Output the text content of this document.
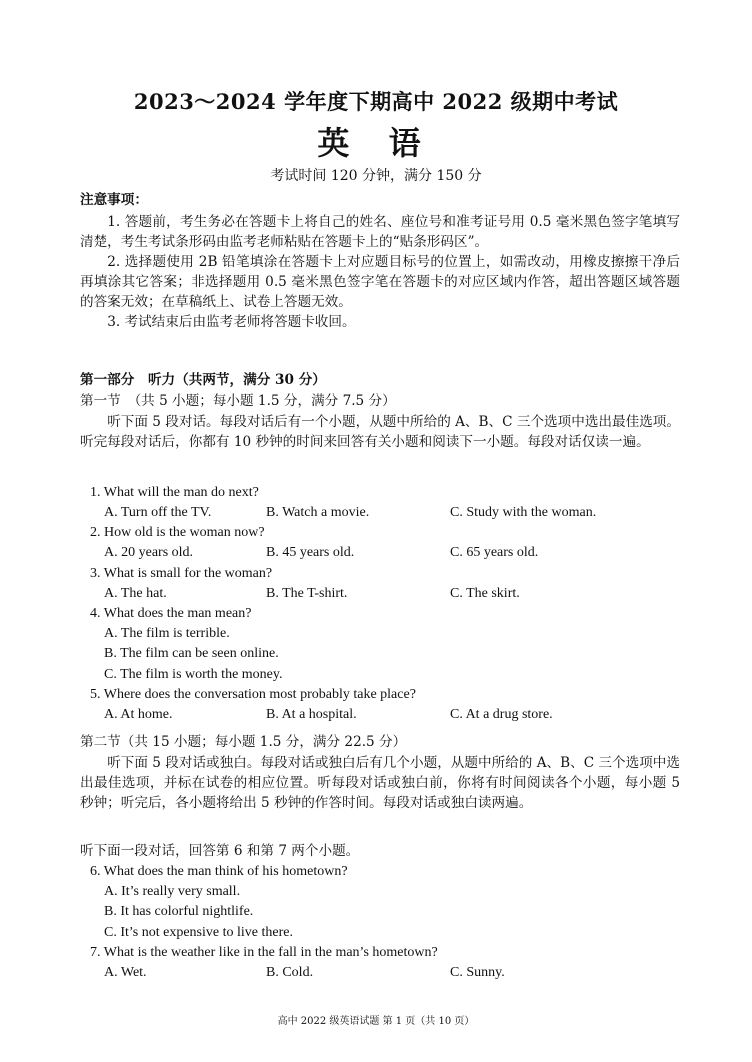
2023～2024 学年度下期高中 2022 级期中考试
英 语
考试时间 120 分钟，满分 150 分
注意事项：

1. 答题前，考生务必在答题卡上将自己的姓名、座位号和准考证号用 0.5 毫米黑色签字笔填写清楚，考生考试条形码由监考老师粘贴在答题卡上的“贴条形码区”。

2. 选择题使用 2B 铅笔填涂在答题卡上对应题目标号的位置上，如需改动，用橡皮擦擦干净后再填涂其它答案；非选择题用 0.5 毫米黑色签字笔在答题卡的对应区域内作答，超出答题区域答题的答案无效；在草稿纸上、试卷上答题无效。

3. 考试结束后由监考老师将答题卡收回。

第一部分　听力（共两节，满分 30 分）
第一节　（共 5 小题；每小题 1.5 分，满分 7.5 分）

听下面 5 段对话。每段对话后有一个小题，从题中所给的 A、B、C 三个选项中选出最佳选项。听完每段对话后，你都有 10 秒钟的时间来回答有关小题和阅读下一小题。每段对话仅读一遍。

1. What will the man do next?
A. Turn off the TV.	B. Watch a movie.	C. Study with the woman.
2. How old is the woman now?
A. 20 years old.	B. 45 years old.	C. 65 years old.
3. What is small for the woman?
A. The hat.	B. The T-shirt.	C. The skirt.
4. What does the man mean?
A. The film is terrible.
B. The film can be seen online.
C. The film is worth the money.
5. Where does the conversation most probably take place?
A. At home.	B. At a hospital.	C. At a drug store.
第二节（共 15 小题；每小题 1.5 分，满分 22.5 分）

听下面 5 段对话或独白。每段对话或独白后有几个小题，从题中所给的 A、B、C 三个选项中选出最佳选项，并标在试卷的相应位置。听每段对话或独白前，你将有时间阅读各个小题，每小题 5 秒钟；听完后，各小题将给出 5 秒钟的作答时间。每段对话或独白读两遍。

听下面一段对话，回答第 6 和第 7 两个小题。
6. What does the man think of his hometown?
A. It’s really very small.
B. It has colorful nightlife.
C. It’s not expensive to live there.
7. What is the weather like in the fall in the man’s hometown?
A. Wet.	B. Cold.	C. Sunny.
高中 2022 级英语试题 第 1 页（共 10 页）
